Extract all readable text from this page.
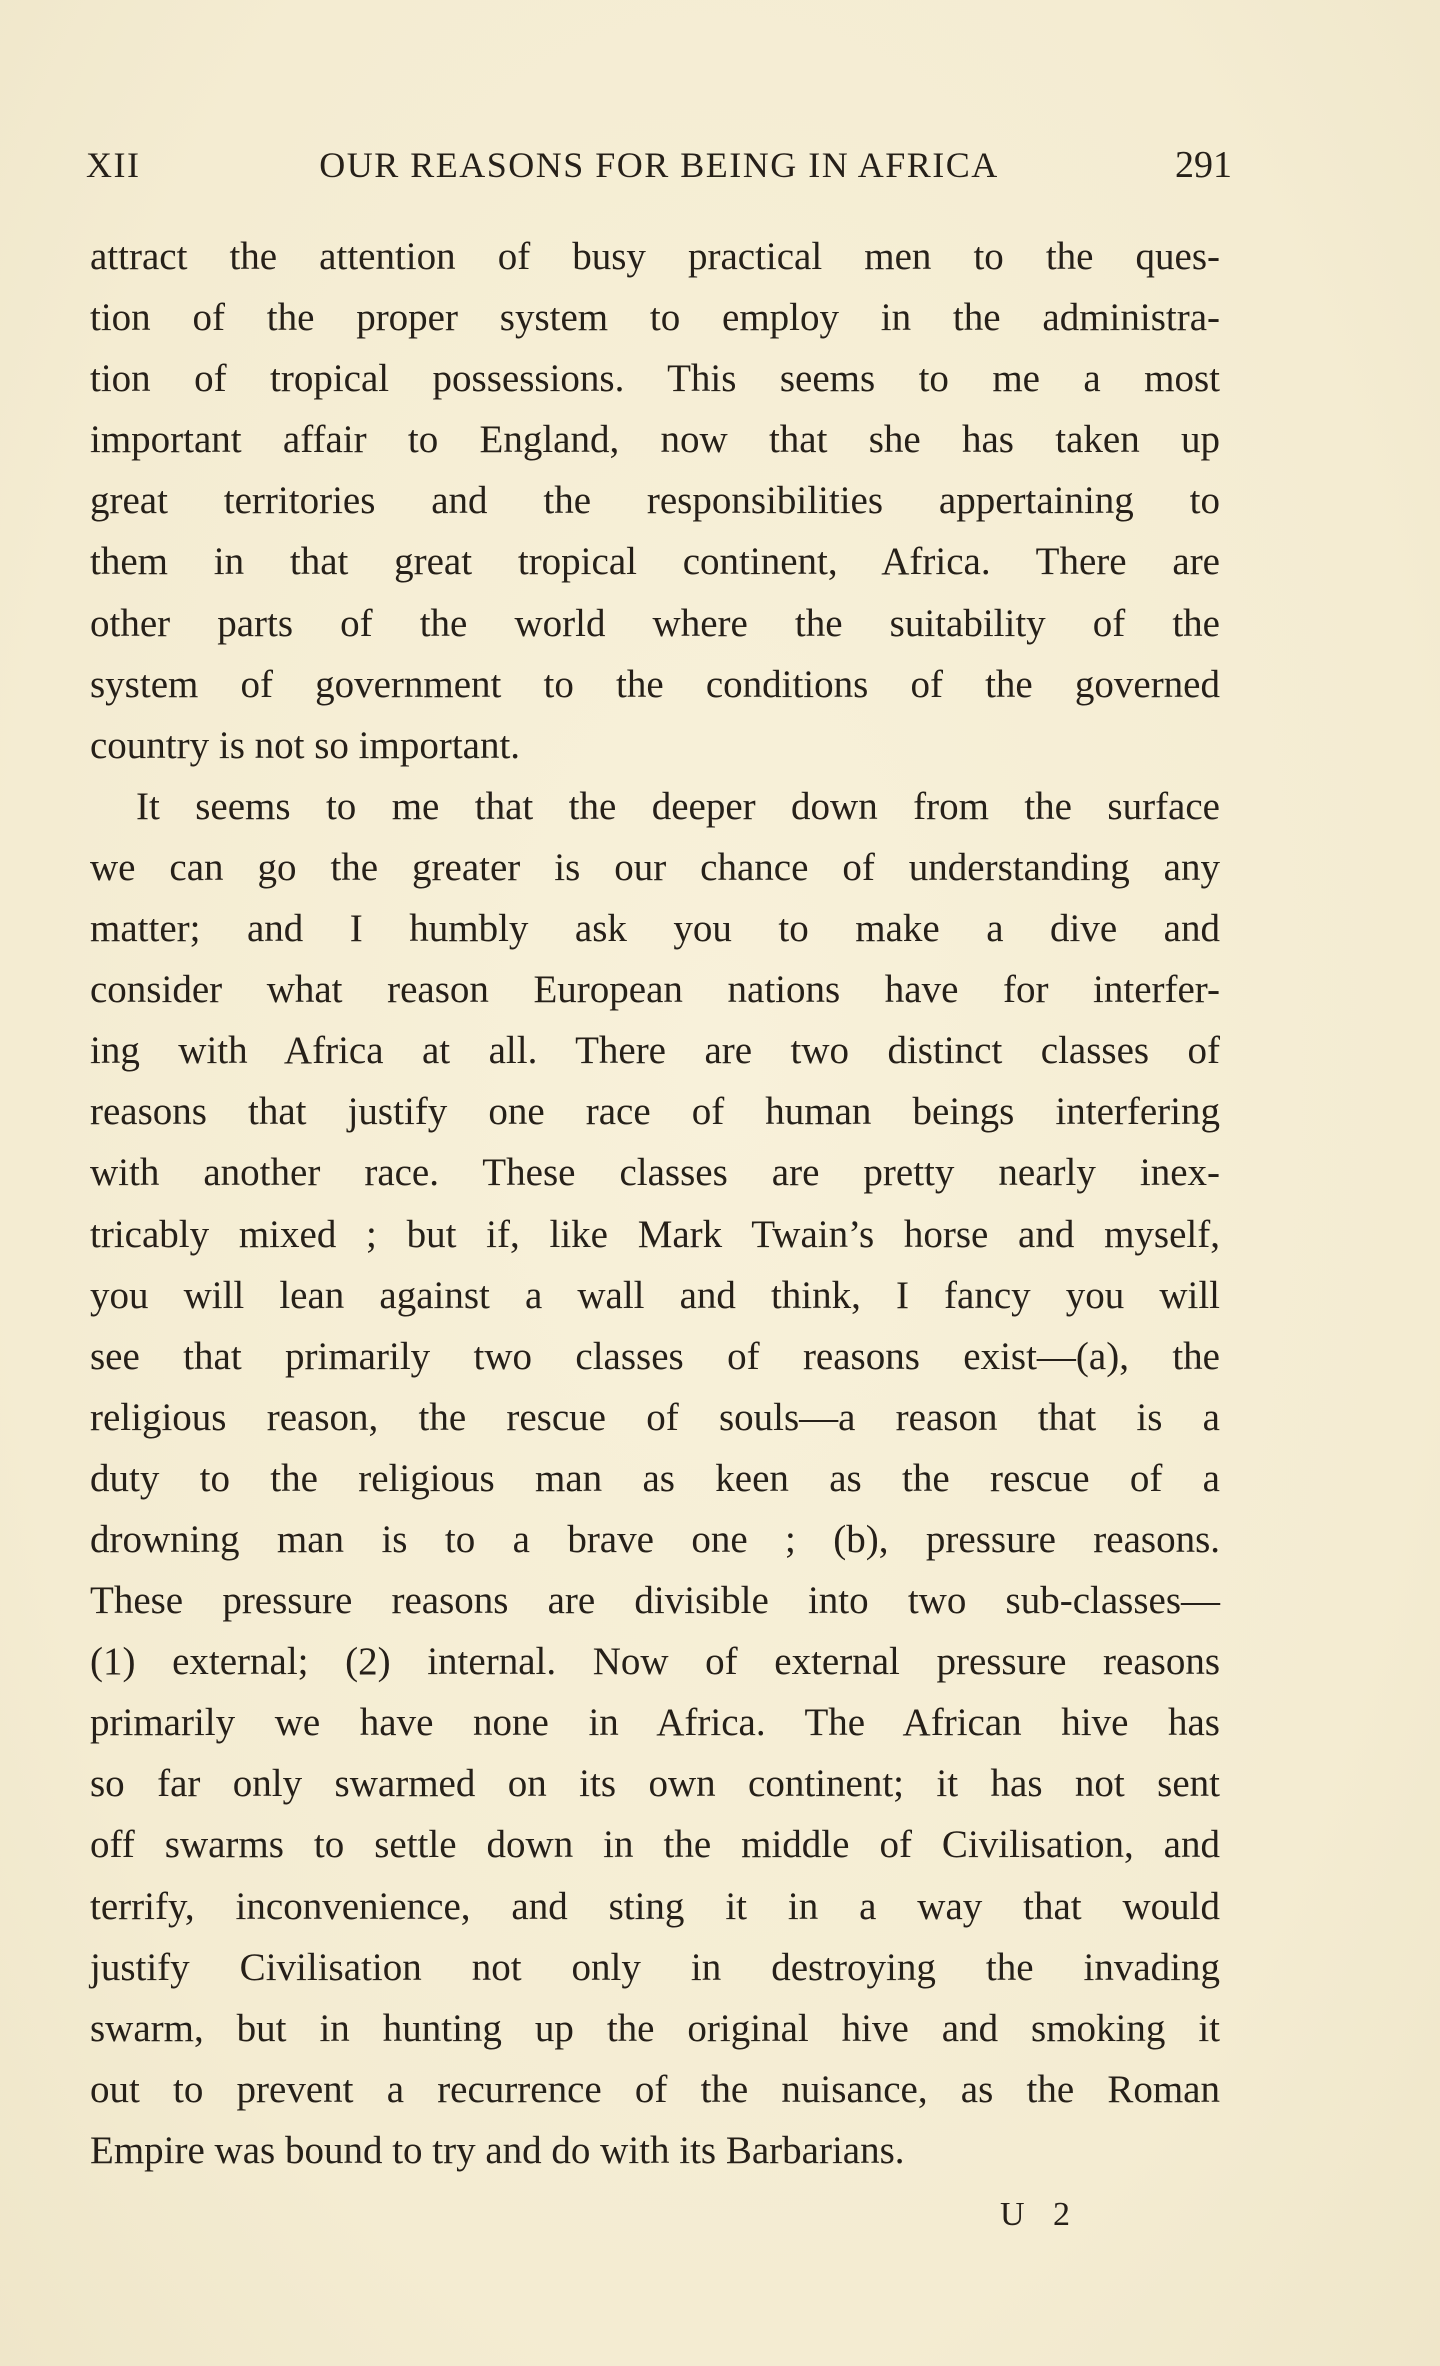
XII	OUR REASONS FOR BEING IN AFRICA	291
attract the attention of busy practical men to the ques-
tion of the proper system to employ in the administra-
tion of tropical possessions. This seems to me a most
important affair to England, now that she has taken up
great territories and the responsibilities appertaining to
them in that great tropical continent, Africa. There are
other parts of the world where the suitability of the
system of government to the conditions of the governed
country is not so important.
It seems to me that the deeper down from the surface
we can go the greater is our chance of understanding any
matter; and I humbly ask you to make a dive and
consider what reason European nations have for interfer-
ing with Africa at all. There are two distinct classes of
reasons that justify one race of human beings interfering
with another race. These classes are pretty nearly inex-
tricably mixed ; but if, like Mark Twain’s horse and myself,
you will lean against a wall and think, I fancy you will
see that primarily two classes of reasons exist—(a), the
religious reason, the rescue of souls—a reason that is a
duty to the religious man as keen as the rescue of a
drowning man is to a brave one ; (b), pressure reasons.
These pressure reasons are divisible into two sub-classes—
(1) external; (2) internal. Now of external pressure reasons
primarily we have none in Africa. The African hive has
so far only swarmed on its own continent; it has not sent
off swarms to settle down in the middle of Civilisation, and
terrify, inconvenience, and sting it in a way that would
justify Civilisation not only in destroying the invading
swarm, but in hunting up the original hive and smoking it
out to prevent a recurrence of the nuisance, as the Roman
Empire was bound to try and do with its Barbarians.
U 2
